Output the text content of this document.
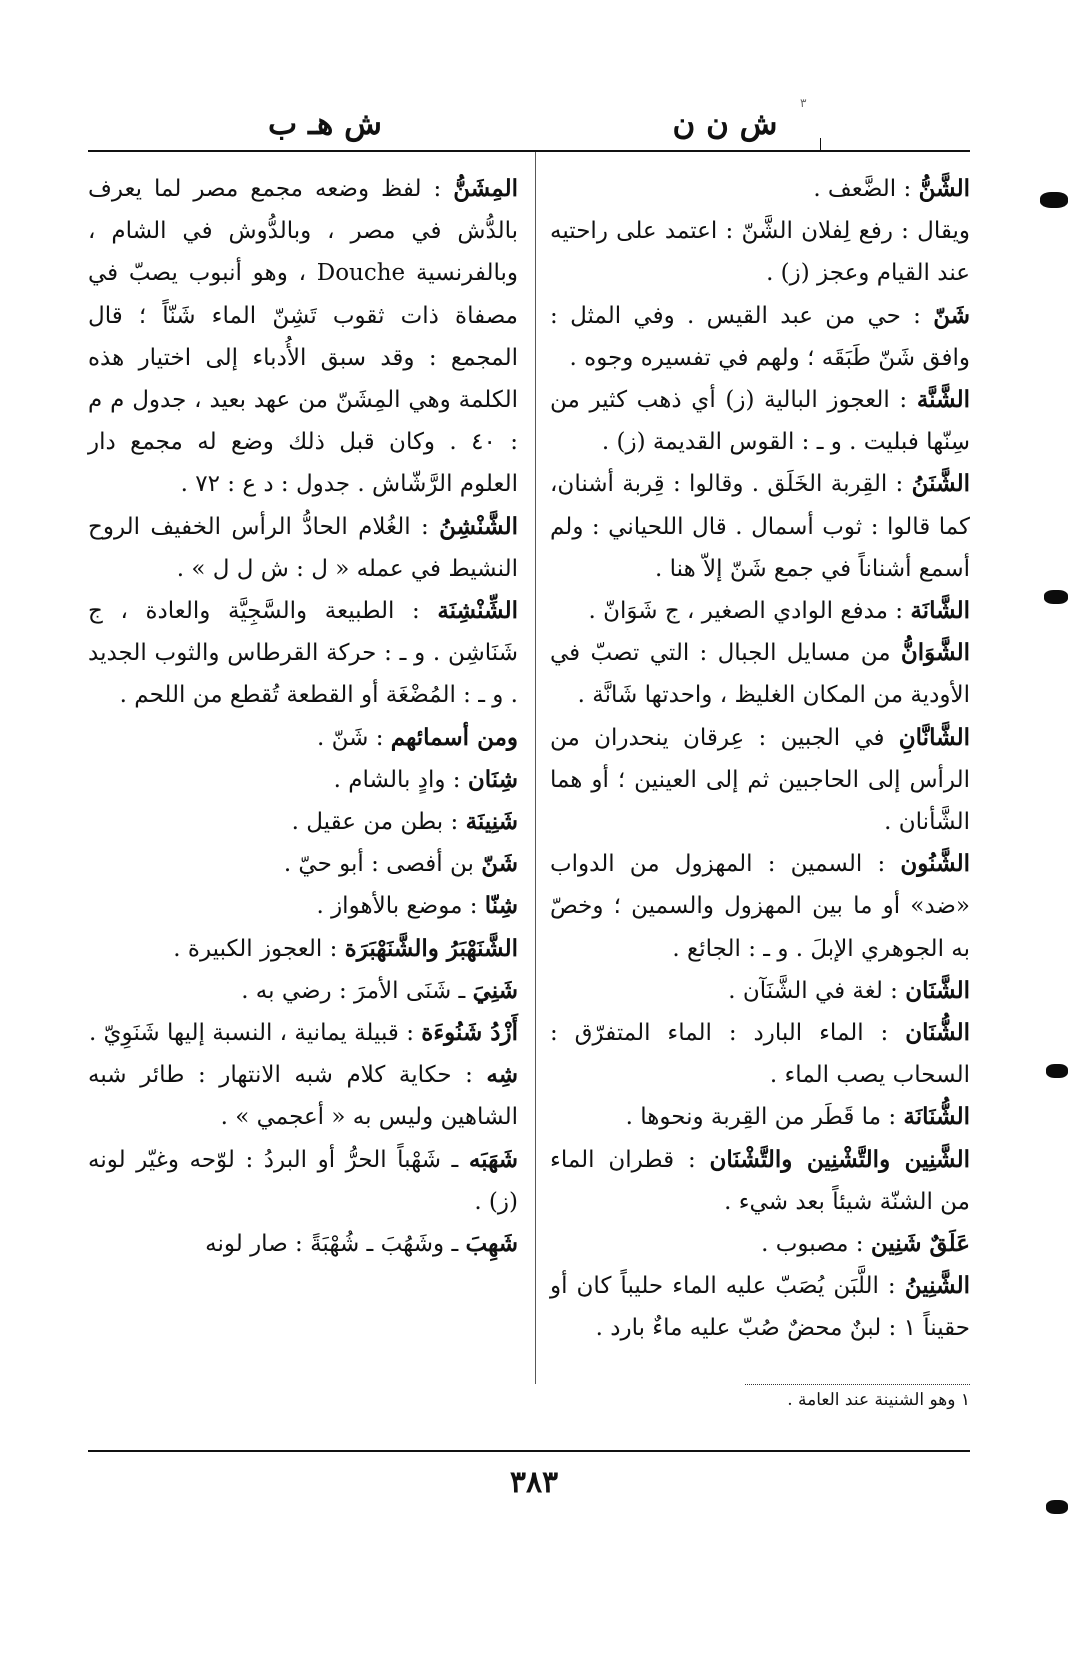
ش ن ن
٣
ش هـ ب

الشَّنُّ : الضَّعف .

ويقال : رفع لِفلان الشَّنّ : اعتمد على راحتيه عند القيام وعجز (ز) .

شَنّ : حي من عبد القيس . وفي المثل : وافق شَنّ طَبَقَه ؛ ولهم في تفسيره وجوه .

الشَّنَّة : العجوز البالية (ز) أي ذهب كثير من سِنّها فبليت . و ـ : القوس القديمة (ز) .

الشَّنَنُ : القِربة الخَلَق . وقالوا : قِربة أشنان، كما قالوا : ثوب أسمال . قال اللحياني : ولم أسمع أشناناً في جمع شَنّ إلاّ هنا .

الشَّانَة : مدفع الوادي الصغير ، ج شَوَانّ .

الشَّوَانُّ من مسايل الجبال : التي تصبّ في الأودية من المكان الغليظ ، واحدتها شَانَّة .

الشَّانَّانِ في الجبين : عِرقان ينحدران من الرأس إلى الحاجبين ثم إلى العينين ؛ أو هما الشَّأنان .

الشَّنُون : السمين : المهزول من الدواب «ضد» أو ما بين المهزول والسمين ؛ وخصّ به الجوهري الإبلَ . و ـ : الجائع .

الشَّنَان : لغة في الشَّنَآن .

الشُّنَان : الماء البارد : الماء المتفرّق : السحاب يصب الماء .

الشُّنَانَة : ما قَطَر من القِربة ونحوها .

الشَّنِين والتَّشْنِين والتَّشْنَان : قطران الماء من الشنّة شيئاً بعد شيء .

عَلَقٌ شَنِين : مصبوب .

الشَّنِينُ : اللَّبَن يُصَبّ عليه الماء حليباً كان أو حقيناً ١ : لبنٌ محضٌ صُبّ عليه ماءٌ بارد .

المِشَنُّ : لفظ وضعه مجمع مصر لما يعرف بالدُّش في مصر ، وبالدُّوش في الشام ، وبالفرنسية Douche ، وهو أنبوب يصبّ في مصفاة ذات ثقوب تَشِنّ الماء شَنّاً ؛ قال المجمع : وقد سبق الأُدباء إلى اختيار هذه الكلمة وهي المِشَنّ من عهد بعيد ، جدول م م : ٤٠ . وكان قبل ذلك وضع له مجمع دار العلوم الرَّشّاش . جدول : د ع : ٧٢ .

الشَّنْشِنُ : الغُلام الحادُّ الرأس الخفيف الروح النشيط في عمله « ل : ش ل ل » .

الشِّنْشِنَة : الطبيعة والسَّجِيَّة والعادة ، ج شَنَاشِن . و ـ : حركة القرطاس والثوب الجديد . و ـ : المُضْغَة أو القطعة تُقطع من اللحم .

ومن أسمائهم : شَنّ .

شِنَان : وادٍ بالشام .

شَنِينَة : بطن من عقيل .

شَنّ بن أفصى : أبو حيّ .

شِنّا : موضع بالأهواز .

الشَّنَهْبَرُ والشَّنَهْبَرَة : العجوز الكبيرة .

شَنِيَ ـ شَنَى الأمرَ : رضي به .

أَزْدُ شَنُوءَة : قبيلة يمانية ، النسبة إليها شَنَوِيّ .

شِه : حكاية كلام شبه الانتهار : طائر شبه الشاهين وليس به « أعجمي » .

شَهَبَه ـ شَهْباً الحرُّ أو البردُ : لوّحه وغيّر لونه (ز) .

شَهِبَ ـ وشَهُبَ ـ شُهْبَةً : صار لونه

١ وهو الشنينة عند العامة .
٣٨٣
